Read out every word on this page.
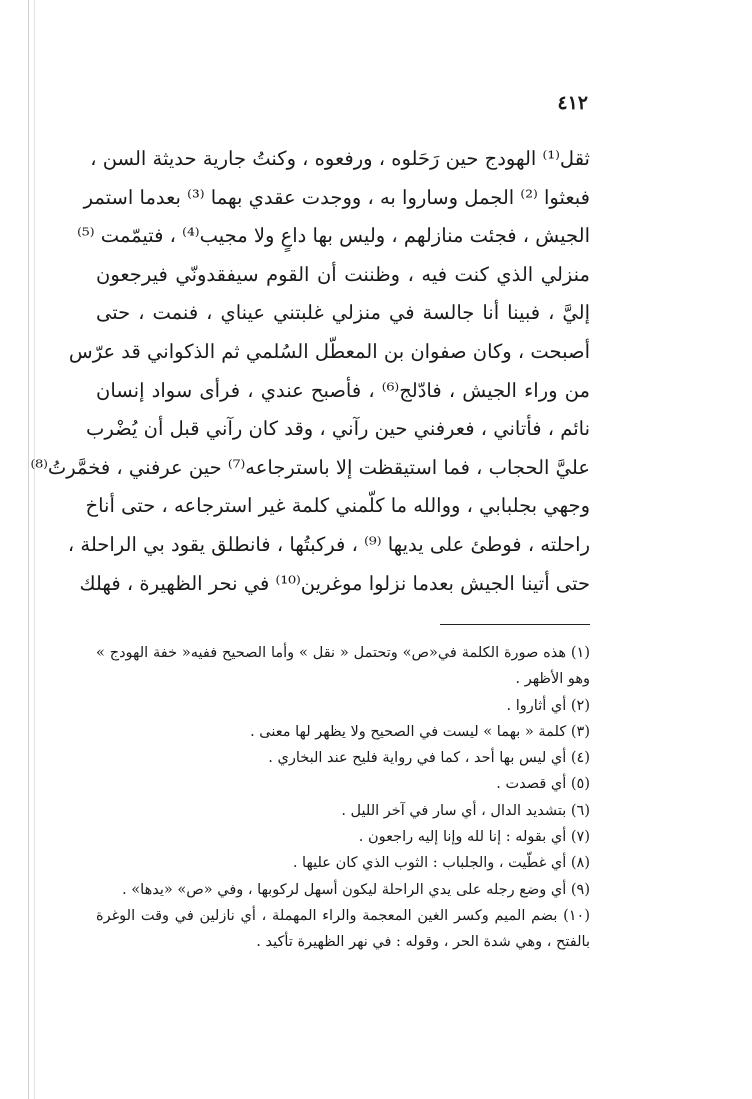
٤١٢
ثقل⁽¹⁾ الهودج حين رَحَلوه ، ورفعوه ، وكنتُ جارية حديثة السن ،
فبعثوا ⁽²⁾ الجمل وساروا به ، ووجدت عقدي بهما ⁽³⁾ بعدما استمر
الجيش ، فجئت منازلهم ، وليس بها داعٍ ولا مجيب⁽⁴⁾ ، فتيمّمت ⁽⁵⁾
منزلي الذي كنت فيه ، وظننت أن القوم سيفقدونّي فيرجعون
إليَّ ، فبينا أنا جالسة في منزلي غلبتني عيناي ، فنمت ، حتى
أصبحت ، وكان صفوان بن المعطّل السُلمي ثم الذكواني قد عرّس
من وراء الجيش ، فادّلج⁽⁶⁾ ، فأصبح عندي ، فرأى سواد إنسان
نائم ، فأتاني ، فعرفني حين رآني ، وقد كان رآني قبل أن يُضْرب
عليَّ الحجاب ، فما استيقظت إلا باسترجاعه⁽⁷⁾ حين عرفني ، فخمَّرتُ⁽⁸⁾
وجهي بجلبابي ، ووالله ما كلّمني كلمة غير استرجاعه ، حتى أناخ
راحلته ، فوطئ على يديها ⁽⁹⁾ ، فركبتُها ، فانطلق يقود بي الراحلة ،
حتى أتينا الجيش بعدما نزلوا موغرين⁽¹⁰⁾ في نحر الظهيرة ، فهلك
(١) هذه صورة الكلمة في«ص» وتحتمل « نقل » وأما الصحيح ففيه« خفة الهودج »
وهو الأظهر .
(٢) أي أثاروا .
(٣) كلمة « بهما » ليست في الصحيح ولا يظهر لها معنى .
(٤) أي ليس بها أحد ، كما في رواية فليح عند البخاري .
(٥) أي قصدت .
(٦) بتشديد الدال ، أي سار في آخر الليل .
(٧) أي بقوله : إنا لله وإنا إليه راجعون .
(٨) أي غطّيت ، والجلباب : الثوب الذي كان عليها .
(٩) أي وضع رجله على يدي الراحلة ليكون أسهل لركوبها ، وفي «ص» «يدها» .
(١٠) بضم الميم وكسر الغين المعجمة والراء المهملة ، أي نازلين في وقت الوغرة
بالفتح ، وهي شدة الحر ، وقوله : في نهر الظهيرة تأكيد .
